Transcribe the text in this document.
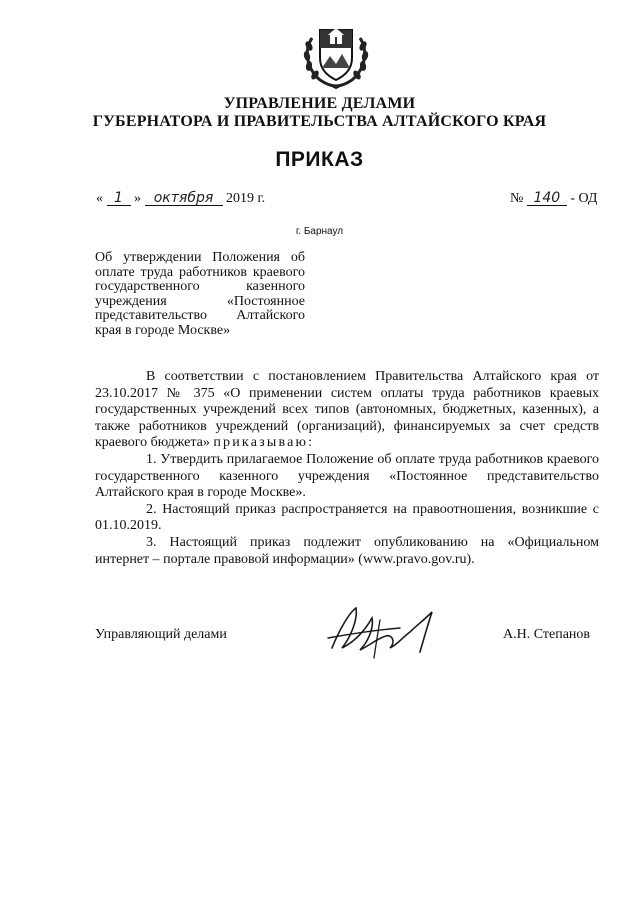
УПРАВЛЕНИЕ ДЕЛАМИ
ГУБЕРНАТОРА И ПРАВИТЕЛЬСТВА АЛТАЙСКОГО КРАЯ
ПРИКАЗ
« 1 » октября 2019 г.	№ 140 - ОД
г. Барнаул
Об утверждении Положения об оплате труда работников краевого государственного казенного учреждения «Постоянное представительство Алтайского края в городе Москве»

В соответствии с постановлением Правительства Алтайского края от 23.10.2017 № 375 «О применении систем оплаты труда работников краевых государственных учреждений всех типов (автономных, бюджетных, казенных), а также работников учреждений (организаций), финансируемых за счет средств краевого бюджета» приказываю:

1. Утвердить прилагаемое Положение об оплате труда работников краевого государственного казенного учреждения «Постоянное представительство Алтайского края в городе Москве».

2. Настоящий приказ распространяется на правоотношения, возникшие с 01.10.2019.

3. Настоящий приказ подлежит опубликованию на «Официальном интернет – портале правовой информации» (www.pravo.gov.ru).

Управляющий делами	А.Н. Степанов
